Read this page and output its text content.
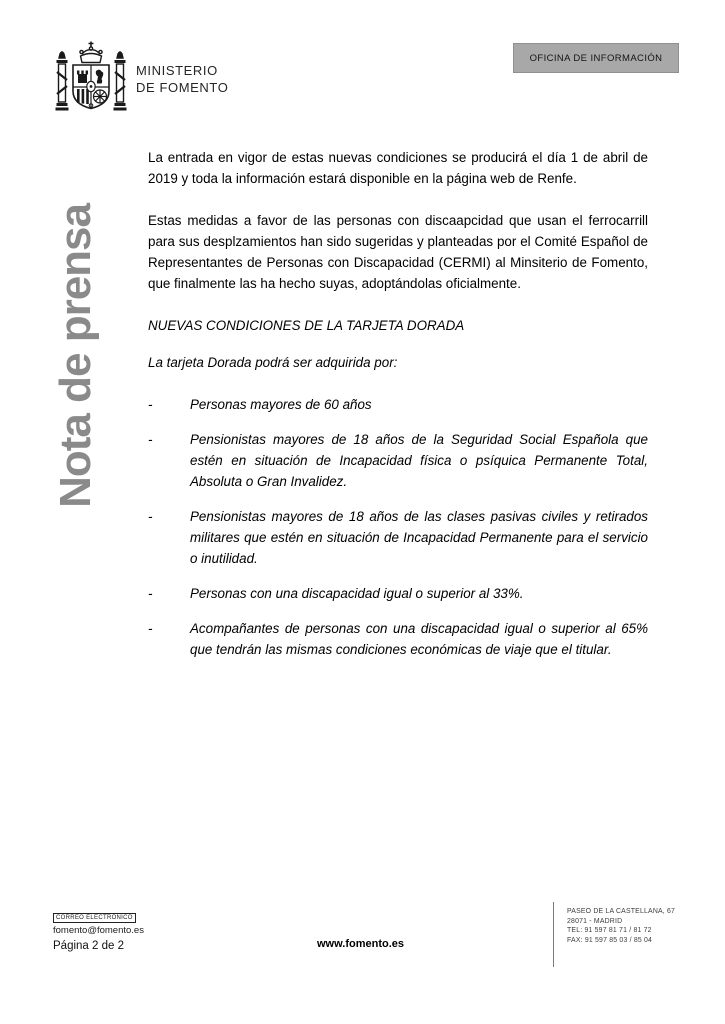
MINISTERIO
DE FOMENTO
OFICINA DE INFORMACIÓN
Nota de prensa

La entrada en vigor de estas nuevas condiciones se producirá el día 1 de abril de 2019 y toda la información estará disponible en la página web de Renfe.

Estas medidas a favor de las personas con discaapcidad que usan el ferrocarrill para sus desplzamientos han sido sugeridas y planteadas por el Comité Español de Representantes de Personas con Discapacidad (CERMI) al Minsiterio de Fomento, que finalmente las ha hecho suyas, adoptándolas oficialmente.

NUEVAS CONDICIONES DE LA TARJETA DORADA

La tarjeta Dorada podrá ser adquirida por:

-	Personas mayores de 60 años
-	Pensionistas mayores de 18 años de la Seguridad Social Española que estén en situación de Incapacidad física o psíquica Permanente Total, Absoluta o Gran Invalidez.
-	Pensionistas mayores de 18 años de las clases pasivas civiles y retirados militares que estén en situación de Incapacidad Permanente para el servicio o inutilidad.
-	Personas con una discapacidad igual o superior al 33%.
-	Acompañantes de personas con una discapacidad igual o superior al 65% que tendrán las mismas condiciones económicas de viaje que el titular.
CORREO ELECTRÓNICO
fomento@fomento.es
Página 2 de 2	www.fomento.es
PASEO DE LA CASTELLANA, 67
28071 - MADRID
TEL: 91 597 81 71 / 81 72
FAX: 91 597 85 03 / 85 04
